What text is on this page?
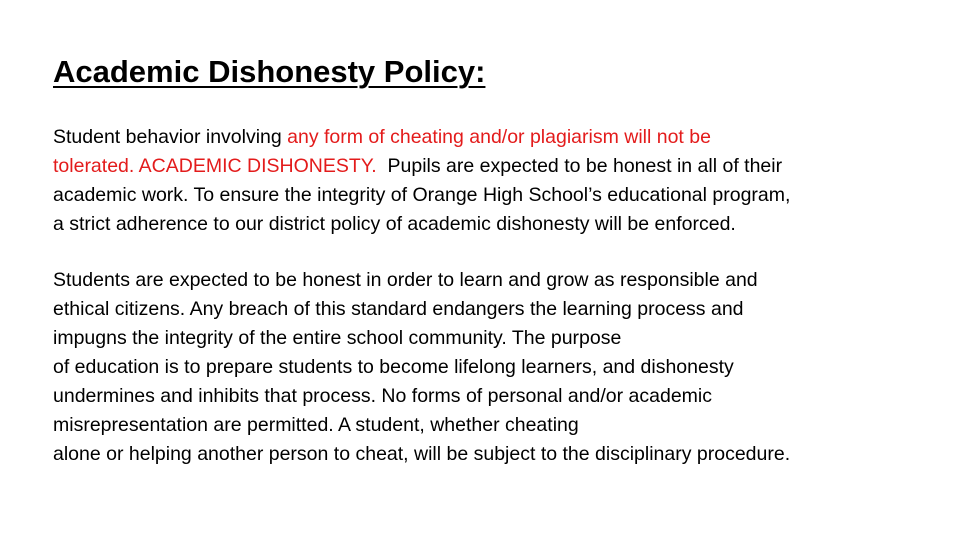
Academic Dishonesty Policy:

Student behavior involving any form of cheating and/or plagiarism will not be
tolerated. ACADEMIC DISHONESTY.  Pupils are expected to be honest in all of their
academic work. To ensure the integrity of Orange High School’s educational program,
a strict adherence to our district policy of academic dishonesty will be enforced.

Students are expected to be honest in order to learn and grow as responsible and
ethical citizens. Any breach of this standard endangers the learning process and
impugns the integrity of the entire school community. The purpose
of education is to prepare students to become lifelong learners, and dishonesty
undermines and inhibits that process. No forms of personal and/or academic
misrepresentation are permitted. A student, whether cheating
alone or helping another person to cheat, will be subject to the disciplinary procedure.
